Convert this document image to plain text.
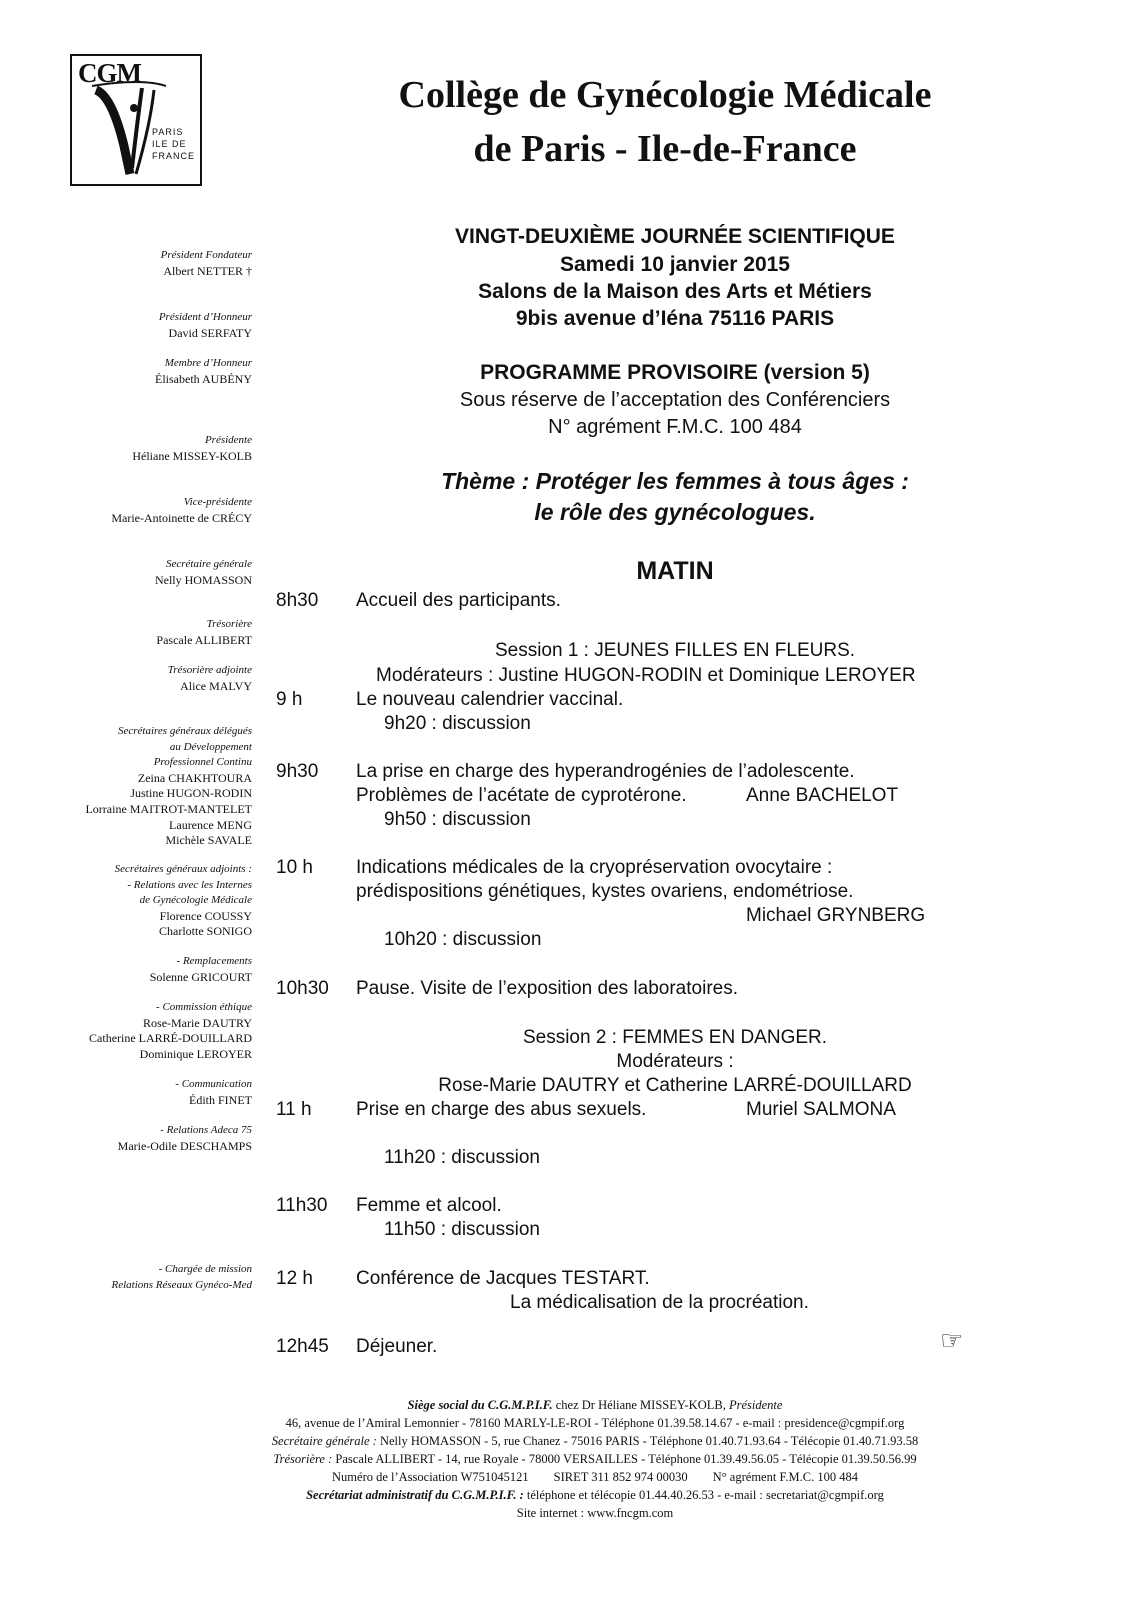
CGM
PARIS
ILE DE
FRANCE
Collège de Gynécologie Médicale
de Paris - Ile-de-France
Président Fondateur
Albert NETTER †
Président d’Honneur
David SERFATY
Membre d’Honneur
Élisabeth AUBÉNY
Présidente
Héliane MISSEY-KOLB
Vice-présidente
Marie-Antoinette de CRÉCY
Secrétaire générale
Nelly HOMASSON
Trésorière
Pascale ALLIBERT
Trésorière adjointe
Alice MALVY
Secrétaires généraux délégués
au Développement
Professionnel Continu
Zeina CHAKHTOURA
Justine HUGON-RODIN
Lorraine MAITROT-MANTELET
Laurence MENG
Michèle SAVALE
Secrétaires généraux adjoints :
- Relations avec les Internes
de Gynécologie Médicale
Florence COUSSY
Charlotte SONIGO
- Remplacements
Solenne GRICOURT
- Commission éthique
Rose-Marie DAUTRY
Catherine LARRÉ-DOUILLARD
Dominique LEROYER
- Communication
Édith FINET
- Relations Adeca 75
Marie-Odile DESCHAMPS
- Chargée de mission
Relations Réseaux Gynéco-Med
VINGT-DEUXIÈME JOURNÉE SCIENTIFIQUE
Samedi 10 janvier 2015
Salons de la Maison des Arts et Métiers
9bis avenue d’Iéna 75116 PARIS
PROGRAMME PROVISOIRE (version 5)
Sous réserve de l’acceptation des Conférenciers
N° agrément F.M.C. 100 484
Thème : Protéger les femmes à tous âges :
le rôle des gynécologues.
MATIN
8h30 Accueil des participants.
Session 1 : JEUNES FILLES EN FLEURS.
Modérateurs : Justine HUGON-RODIN et Dominique LEROYER
9 h	Le nouveau calendrier vaccinal.
9h20 : discussion
9h30 La prise en charge des hyperandrogénies de l’adolescente.
Problèmes de l’acétate de cyprotérone.	Anne BACHELOT
9h50 : discussion
10 h Indications médicales de la cryopréservation ovocytaire :
prédispositions génétiques, kystes ovariens, endométriose.
Michael GRYNBERG
10h20 : discussion
10h30 Pause. Visite de l’exposition des laboratoires.
Session 2 : FEMMES EN DANGER.
Modérateurs :
Rose-Marie DAUTRY et Catherine LARRÉ-DOUILLARD
11 h Prise en charge des abus sexuels.	Muriel SALMONA
11h20 : discussion
11h30 Femme et alcool.
11h50 : discussion
12 h Conférence de Jacques TESTART.
La médicalisation de la procréation.
☞
12h45 Déjeuner.
Siège social du C.G.M.P.I.F. chez Dr Héliane MISSEY-KOLB, Présidente
46, avenue de l’Amiral Lemonnier - 78160 MARLY-LE-ROI - Téléphone 01.39.58.14.67 - e-mail : presidence@cgmpif.org
Secrétaire générale : Nelly HOMASSON - 5, rue Chanez - 75016 PARIS - Téléphone 01.40.71.93.64 - Télécopie 01.40.71.93.58
Trésorière : Pascale ALLIBERT - 14, rue Royale - 78000 VERSAILLES - Téléphone 01.39.49.56.05 - Télécopie 01.39.50.56.99
Numéro de l’Association W751045121        SIRET 311 852 974 00030        N° agrément F.M.C. 100 484
Secrétariat administratif du C.G.M.P.I.F. : téléphone et télécopie 01.44.40.26.53 - e-mail : secretariat@cgmpif.org
Site internet : www.fncgm.com
